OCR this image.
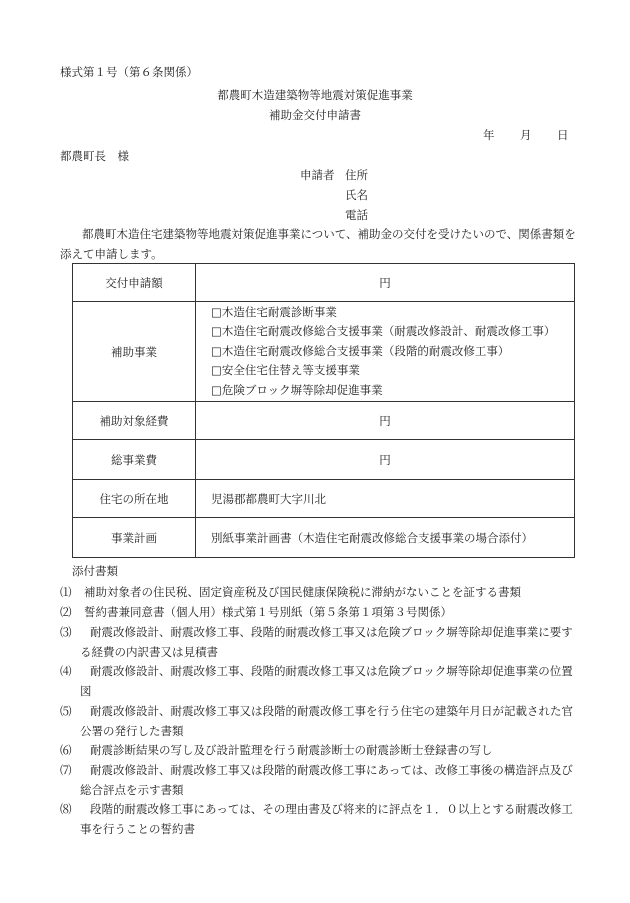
様式第１号（第６条関係）
都農町木造建築物等地震対策促進事業
補助金交付申請書
年 月 日
都農町長　様
申請者 住所
氏名
電話
都農町木造住宅建築物等地震対策促進事業について、補助金の交付を受けたいので、関係書類を添えて申請します。
交付申請額	円
補助事業	□木造住宅耐震診断事業
□木造住宅耐震改修総合支援事業（耐震改修設計、耐震改修工事）
□木造住宅耐震改修総合支援事業（段階的耐震改修工事）
□安全住宅住替え等支援事業
□危険ブロック塀等除却促進事業

補助対象経費	円
総事業費	円
住宅の所在地	児湯郡都農町大字川北
事業計画	別紙事業計画書（木造住宅耐震改修総合支援事業の場合添付）
添付書類
⑴	補助対象者の住民税、固定資産税及び国民健康保険税に滞納がないことを証する書類
⑵	誓約書兼同意書（個人用）様式第１号別紙（第５条第１項第３号関係）
⑶	耐震改修設計、耐震改修工事、段階的耐震改修工事又は危険ブロック塀等除却促進事業に要する経費の内訳書又は見積書
⑷	耐震改修設計、耐震改修工事、段階的耐震改修工事又は危険ブロック塀等除却促進事業の位置図
⑸	耐震改修設計、耐震改修工事又は段階的耐震改修工事を行う住宅の建築年月日が記載された官公署の発行した書類
⑹	耐震診断結果の写し及び設計監理を行う耐震診断士の耐震診断士登録書の写し
⑺	耐震改修設計、耐震改修工事又は段階的耐震改修工事にあっては、改修工事後の構造評点及び総合評点を示す書類
⑻	段階的耐震改修工事にあっては、その理由書及び将来的に評点を１．０以上とする耐震改修工事を行うことの誓約書
